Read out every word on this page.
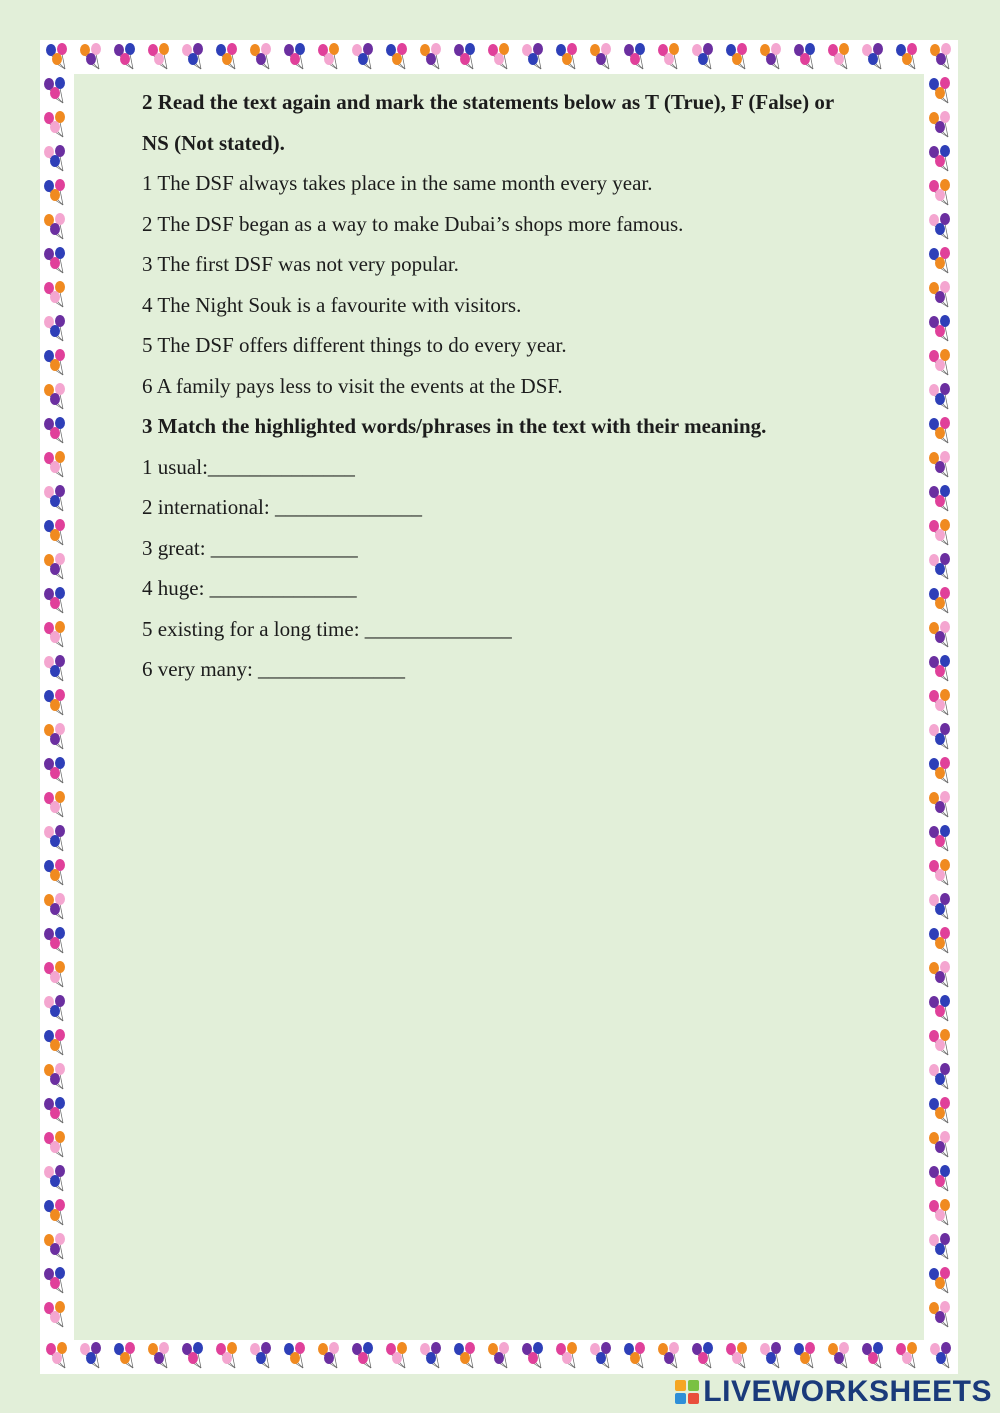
2 Read the text again and mark the statements below as T (True), F (False) or
NS (Not stated).
1 The DSF always takes place in the same month every year.
2 The DSF began as a way to make Dubai’s shops more famous.
3 The first DSF was not very popular.
4 The Night Souk is a favourite with visitors.
5 The DSF offers different things to do every year.
6 A family pays less to visit the events at the DSF.
3 Match the highlighted words/phrases in the text with their meaning.
1 usual:______________
2 international: ______________
3 great: ______________
4 huge: ______________
5 existing for a long time: ______________
6 very many: ______________
LIVEWORKSHEETS
